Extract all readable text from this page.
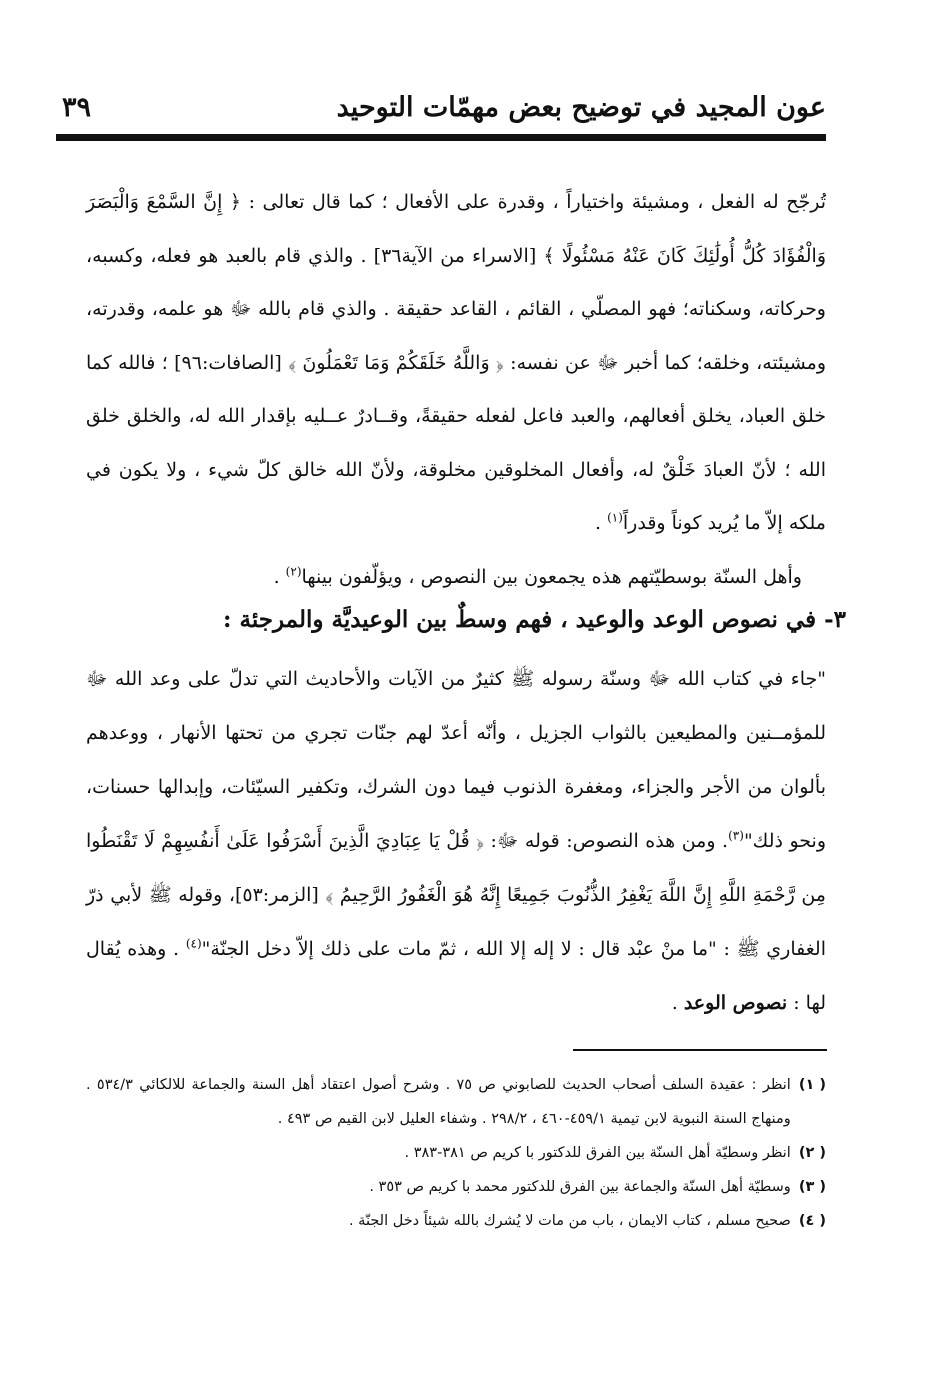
عون المجيد في توضيح بعض مهمّات التوحيد
٣٩

تُرجّح له الفعل ، ومشيئة واختياراً ، وقدرة على الأفعال ؛ كما قال تعالى : ﴿ إِنَّ السَّمْعَ وَالْبَصَرَ وَالْفُؤَادَ كُلُّ أُولَٰئِكَ كَانَ عَنْهُ مَسْئُولًا ﴾ [الاسراء من الآية٣٦] . والذي قام بالعبد هو فعله، وكسبه، وحركاته، وسكناته؛ فهو المصلّي ، القائم ، القاعد حقيقة . والذي قام بالله ﷻ هو علمه، وقدرته، ومشيئته، وخلقه؛ كما أخبر ﷻ عن نفسه: ﴿ وَاللَّهُ خَلَقَكُمْ وَمَا تَعْمَلُونَ ﴾ [الصافات:٩٦] ؛ فالله كما خلق العباد، يخلق أفعالهم، والعبد فاعل لفعله حقيقةً، وقــادرٌ عــليه بإقدار الله له، والخلق خلق الله ؛ لأنّ العبادَ خَلْقٌ له، وأفعال المخلوقين مخلوقة، ولأنّ الله خالق كلّ شيء ، ولا يكون في ملكه إلاّ ما يُريد كوناً وقدراً$^{(١)}$ .

وأهل السنّة بوسطيّتهم هذه يجمعون بين النصوص ، ويؤلّفون بينها$^{(٢)}$ .

٣- في نصوص الوعد والوعيد ، فهم وسطٌ بين الوعيديَّة والمرجئة :

"جاء في كتاب الله ﷻ وسنّة رسوله ﷺ كثيرٌ من الآيات والأحاديث التي تدلّ على وعد الله ﷻ للمؤمــنين والمطيعين بالثواب الجزيل ، وأنّه أعدّ لهم جنّات تجري من تحتها الأنهار ، ووعدهم بألوان من الأجر والجزاء، ومغفرة الذنوب فيما دون الشرك، وتكفير السيّئات، وإبدالها حسنات، ونحو ذلك"$^{(٣)}$. ومن هذه النصوص: قوله ﷻ: ﴿ قُلْ يَا عِبَادِيَ الَّذِينَ أَسْرَفُوا عَلَىٰ أَنفُسِهِمْ لَا تَقْنَطُوا مِن رَّحْمَةِ اللَّهِ إِنَّ اللَّهَ يَغْفِرُ الذُّنُوبَ جَمِيعًا إِنَّهُ هُوَ الْغَفُورُ الرَّحِيمُ ﴾ [الزمر:٥٣]، وقوله ﷺ لأبي ذرّ الغفاري ﷺ : "ما منْ عبْد قال : لا إله إلا الله ، ثمّ مات على ذلك إلاّ دخل الجنّة"$^{(٤)}$ . وهذه يُقال لها : نصوص الوعد .

( ١)
انظر : عقيدة السلف أصحاب الحديث للصابوني ص ٧٥ . وشرح أصول اعتقاد أهل السنة والجماعة للالكائي ٥٣٤/٣ . ومنهاج السنة النبوية لابن تيمية ٤٥٩/١-٤٦٠ ، ٢٩٨/٢ . وشفاء العليل لابن القيم ص ٤٩٣ .
( ٢)
انظر وسطيّة أهل السنّة بين الفرق للدكتور با كريم ص ٣٨١-٣٨٣ .
( ٣)
وسطيّة أهل السنّة والجماعة بين الفرق للدكتور محمد با كريم ص ٣٥٣ .
( ٤)
صحيح مسلم ، كتاب الايمان ، باب من مات لا يُشرك بالله شيئاً دخل الجنّة .
